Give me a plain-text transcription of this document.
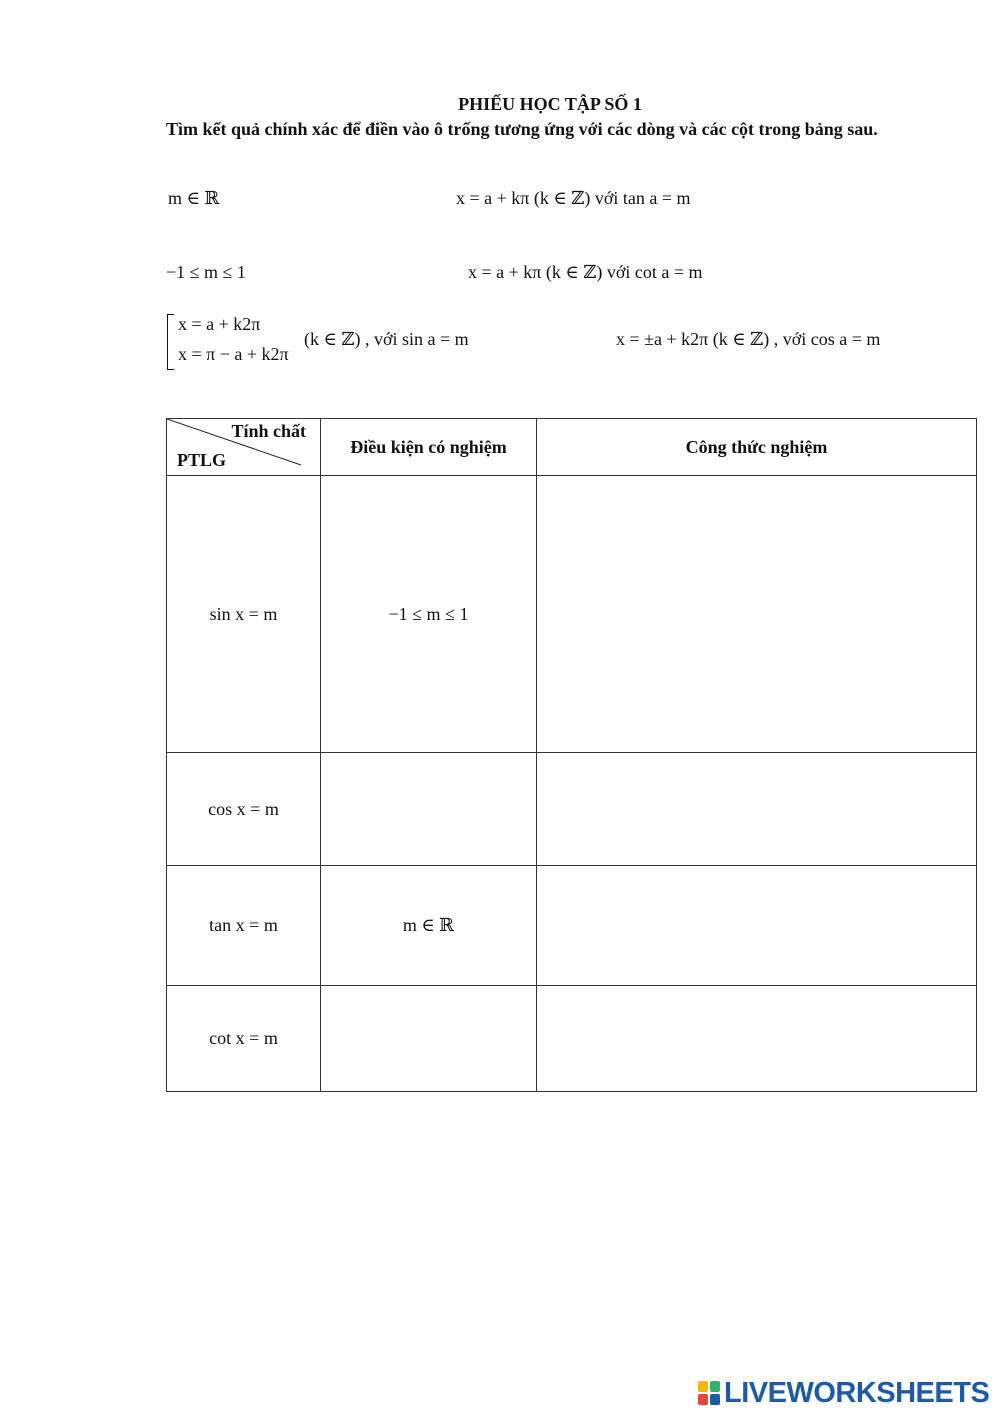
PHIẾU HỌC TẬP SỐ 1
Tìm kết quả chính xác để điền vào ô trống tương ứng với các dòng và các cột trong bảng sau.
m ∈ ℝ	x = a + kπ (k ∈ ℤ) với tan a = m
−1 ≤ m ≤ 1	x = a + kπ (k ∈ ℤ) với cot a = m
x = a + k2π
x = π − a + k2π
(k ∈ ℤ) , với sin a = m	x = ±a + k2π (k ∈ ℤ) , với cos a = m
Tính chất
PTLG	Điều kiện có nghiệm	Công thức nghiệm
sin x = m	−1 ≤ m ≤ 1	
cos x = m		
tan x = m	m ∈ ℝ	
cot x = m		
LIVEWORKSHEETS
